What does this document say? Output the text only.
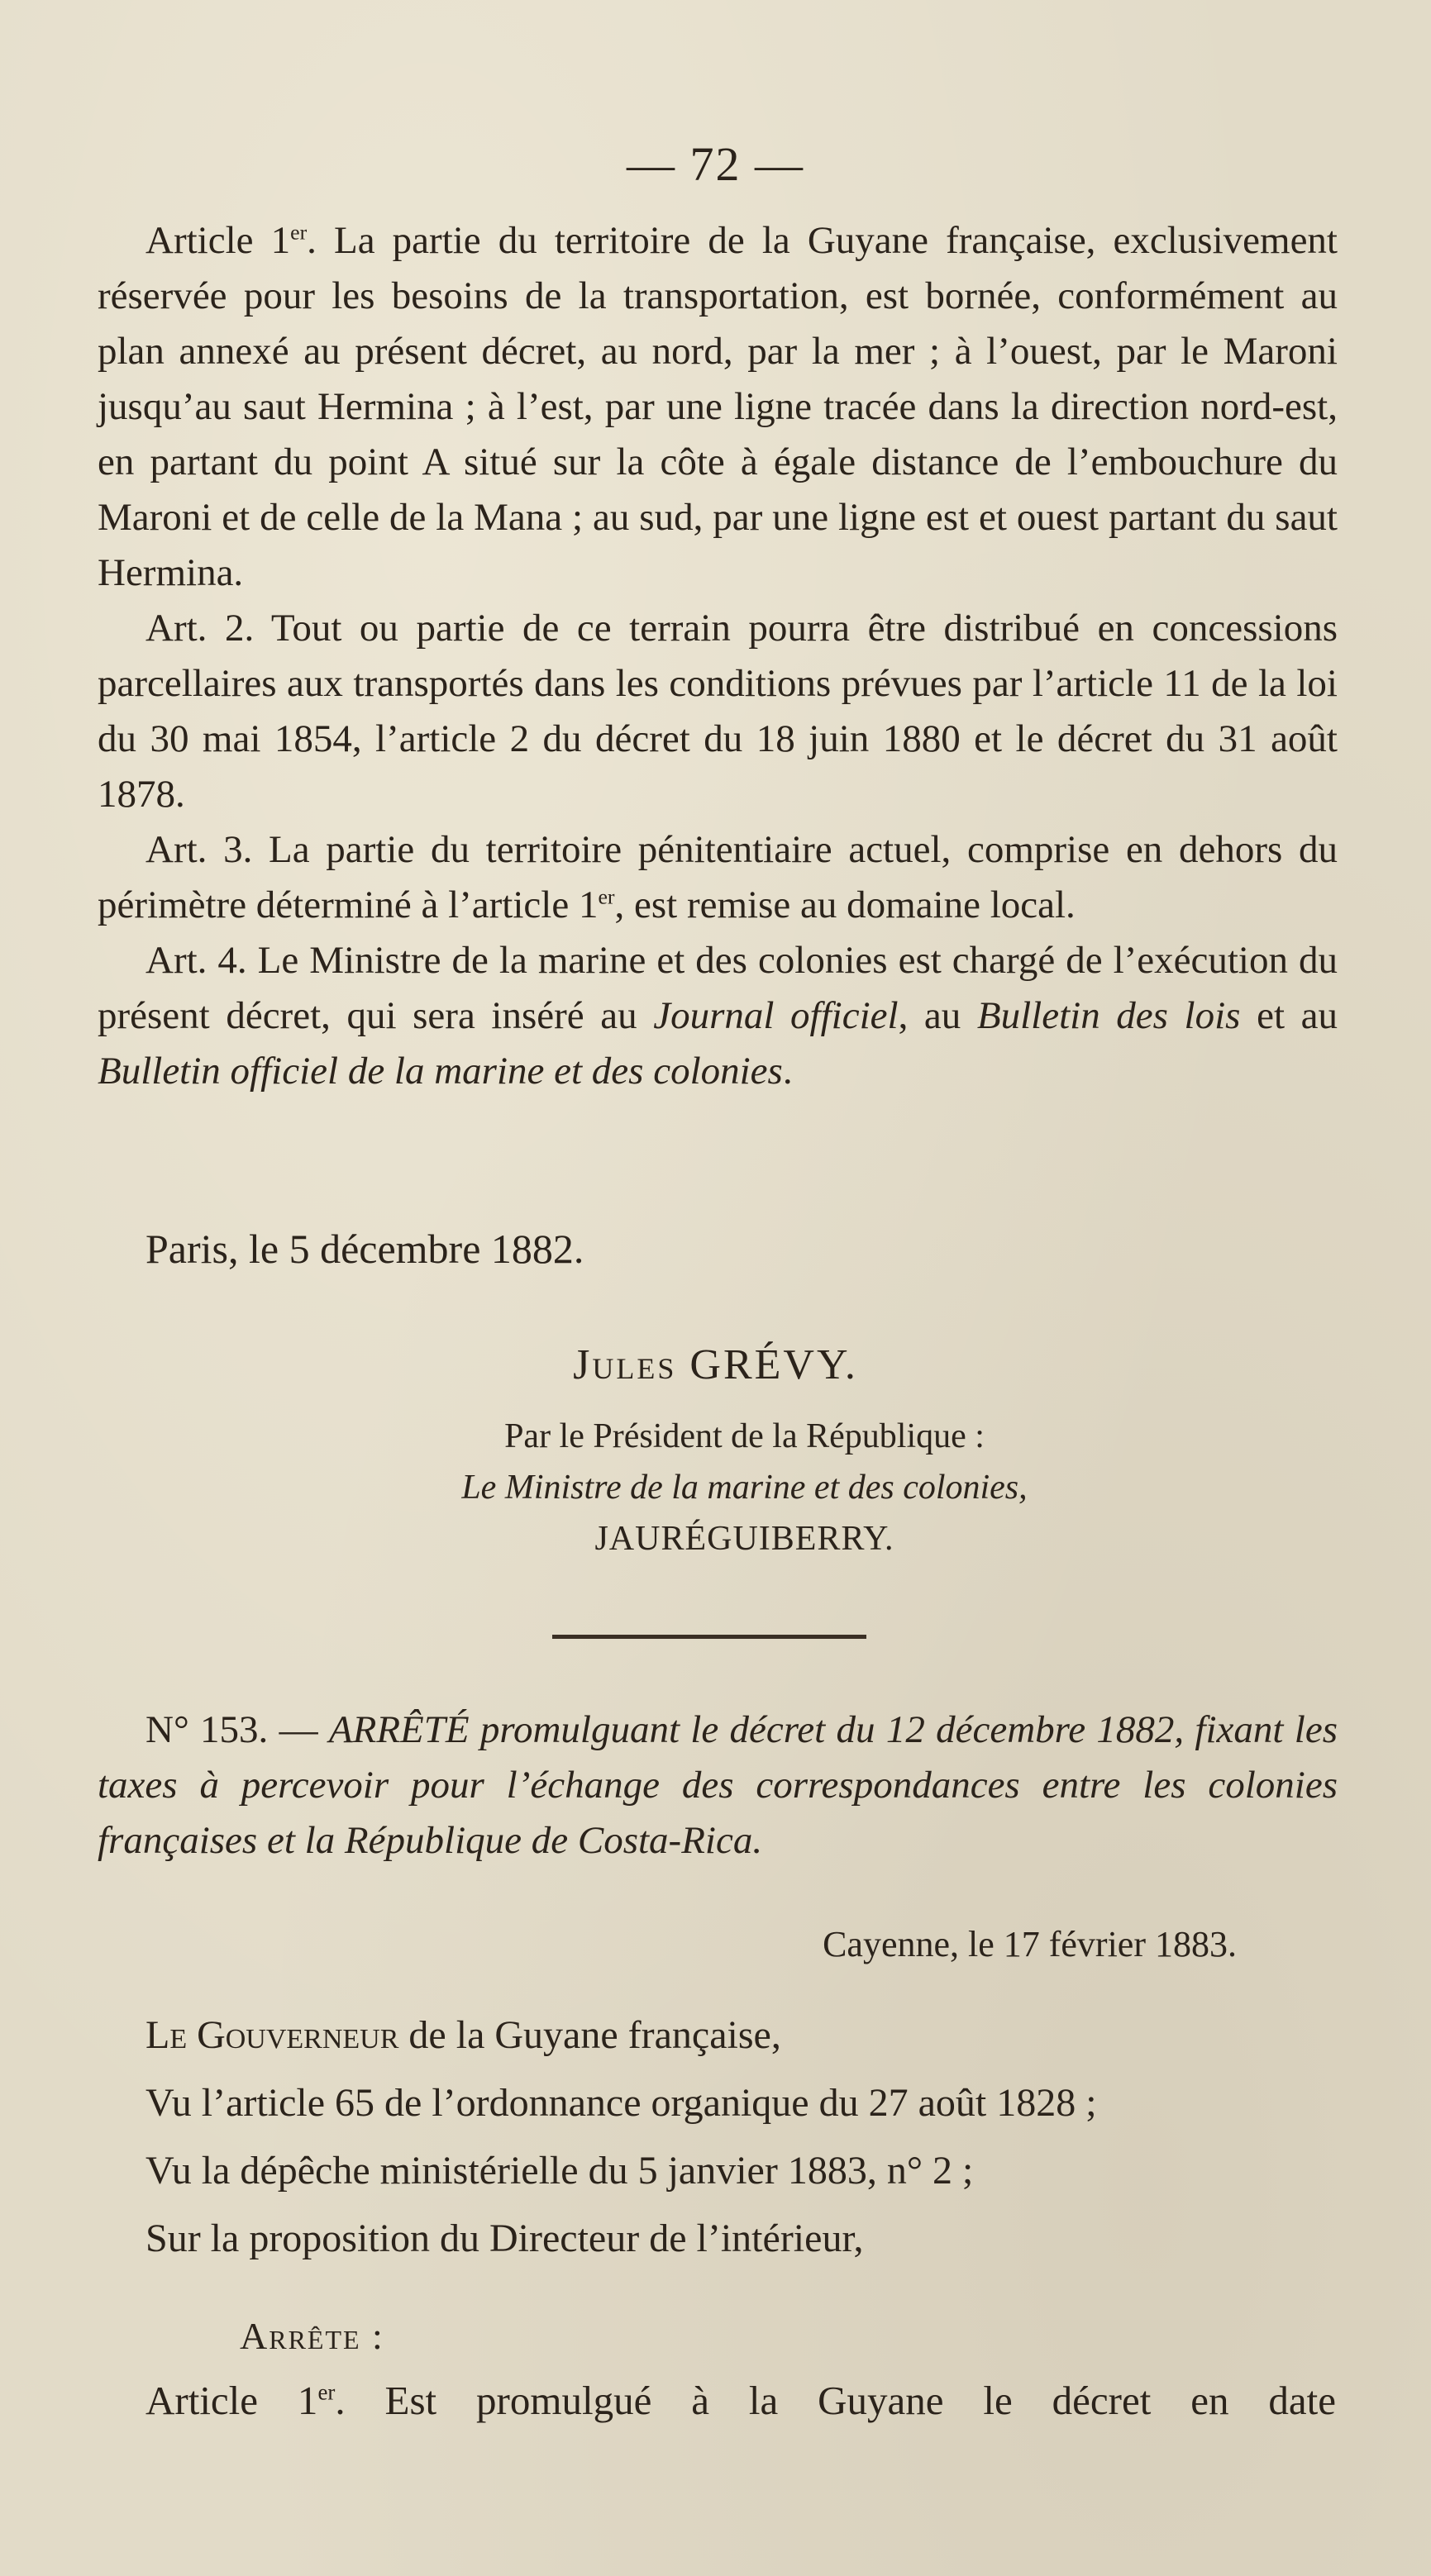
— 72 —

Article 1er. La partie du territoire de la Guyane française, exclusivement réservée pour les besoins de la transportation, est bornée, conformément au plan annexé au présent décret, au nord, par la mer ; à l’ouest, par le Maroni jusqu’au saut Hermina ; à l’est, par une ligne tracée dans la direction nord-est, en partant du point A situé sur la côte à égale distance de l’embouchure du Maroni et de celle de la Mana ; au sud, par une ligne est et ouest partant du saut Hermina.

Art. 2. Tout ou partie de ce terrain pourra être distribué en concessions parcellaires aux transportés dans les conditions prévues par l’article 11 de la loi du 30 mai 1854, l’article 2 du décret du 18 juin 1880 et le décret du 31 août 1878.

Art. 3. La partie du territoire pénitentiaire actuel, comprise en dehors du périmètre déterminé à l’article 1er, est remise au domaine local.

Art. 4. Le Ministre de la marine et des colonies est chargé de l’exécution du présent décret, qui sera inséré au Journal officiel, au Bulletin des lois et au Bulletin officiel de la marine et des colonies.

Paris, le 5 décembre 1882.
Jules GRÉVY.
Par le Président de la République :
Le Ministre de la marine et des colonies,
JAURÉGUIBERRY.

N° 153. — ARRÊTÉ promulguant le décret du 12 décembre 1882, fixant les taxes à percevoir pour l’échange des correspondances entre les colonies françaises et la République de Costa-Rica.

Cayenne, le 17 février 1883.

Le Gouverneur de la Guyane française,

Vu l’article 65 de l’ordonnance organique du 27 août 1828 ;

Vu la dépêche ministérielle du 5 janvier 1883, n° 2 ;

Sur la proposition du Directeur de l’intérieur,

Arrête :
Article 1er. Est promulgué à la Guyane le décret en date
